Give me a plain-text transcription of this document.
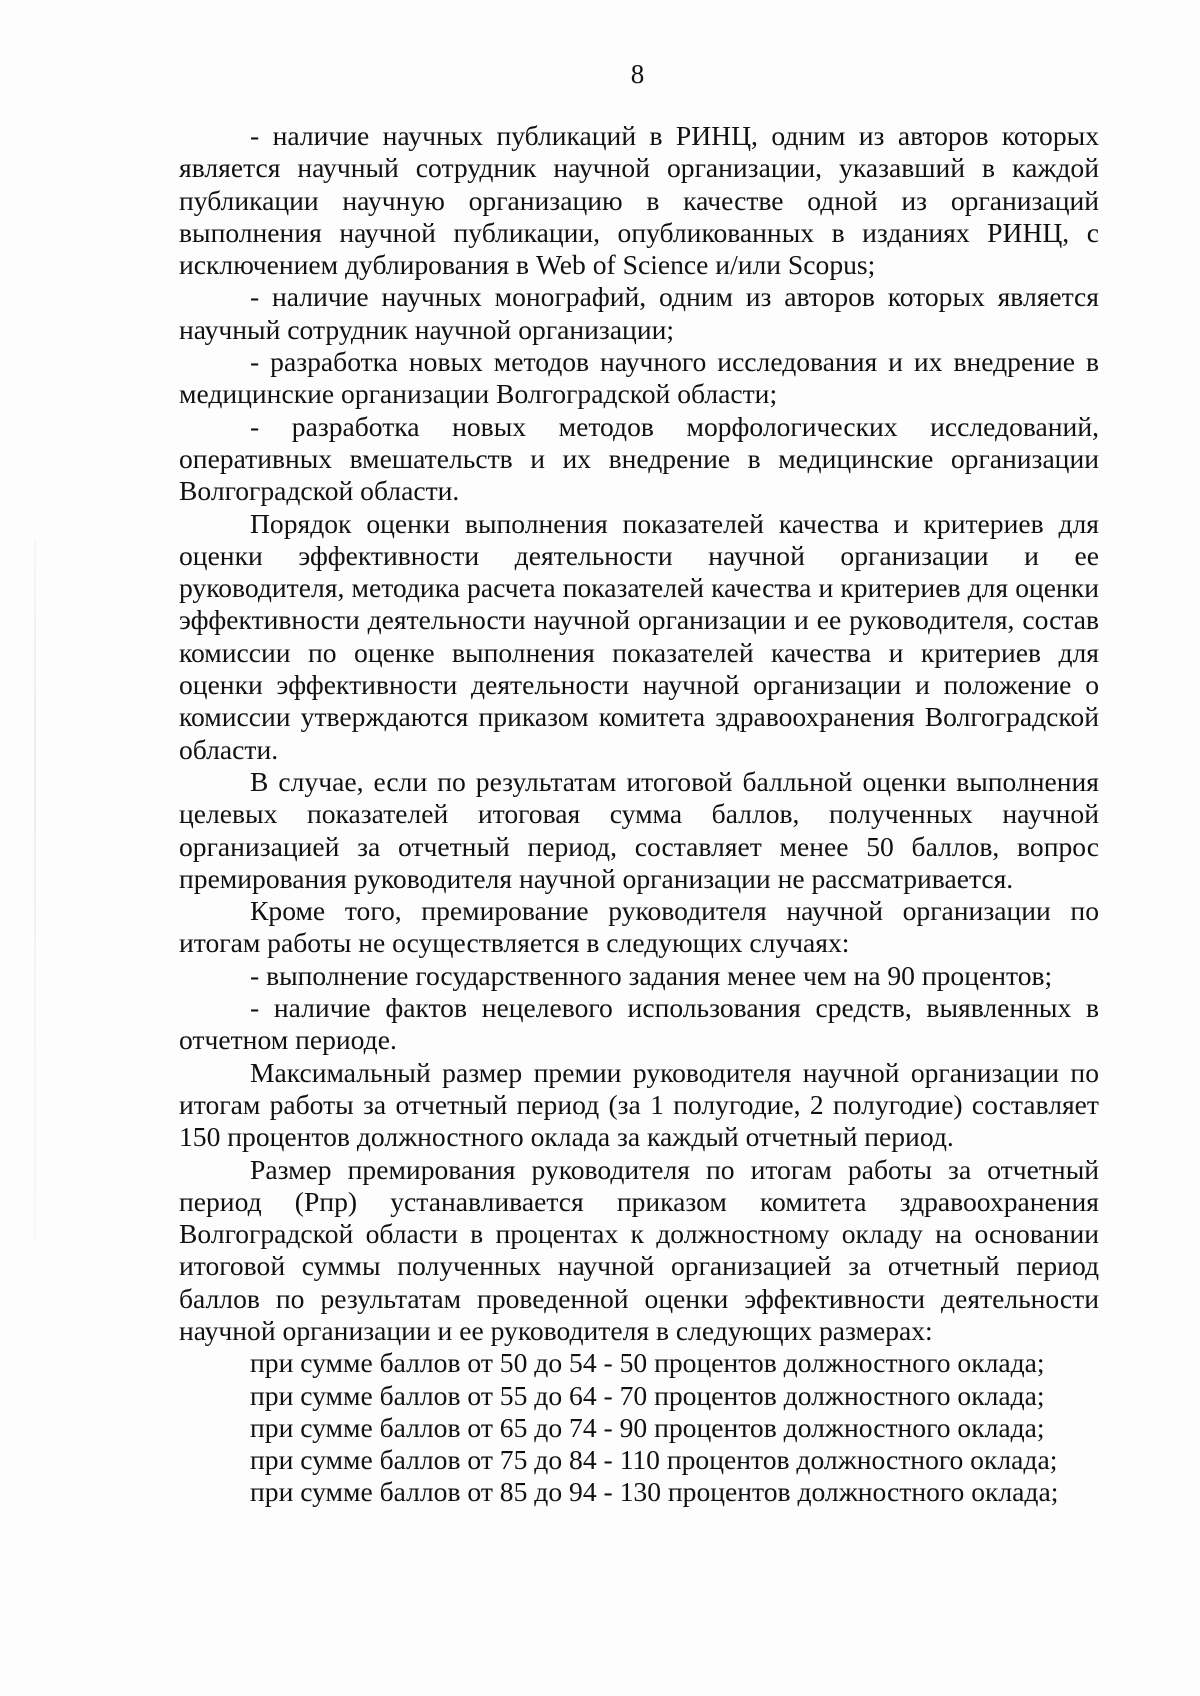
8

- наличие научных публикаций в РИНЦ, одним из авторов которых является научный сотрудник научной организации, указавший в каждой публикации научную организацию в качестве одной из организаций выполнения научной публикации, опубликованных в изданиях РИНЦ, с исключением дублирования в Web of Science и/или Scopus;

- наличие научных монографий, одним из авторов которых является научный сотрудник научной организации;

- разработка новых методов научного исследования и их внедрение в медицинские организации Волгоградской области;

- разработка новых методов морфологических исследований, оперативных вмешательств и их внедрение в медицинские организации Волгоградской области.

Порядок оценки выполнения показателей качества и критериев для оценки эффективности деятельности научной организации и ее руководителя, методика расчета показателей качества и критериев для оценки эффективности деятельности научной организации и ее руководителя, состав комиссии по оценке выполнения показателей качества и критериев для оценки эффективности деятельности научной организации и положение о комиссии утверждаются приказом комитета здравоохранения Волгоградской области.

В случае, если по результатам итоговой балльной оценки выполнения целевых показателей итоговая сумма баллов, полученных научной организацией за отчетный период, составляет менее 50 баллов, вопрос премирования руководителя научной организации не рассматривается.

Кроме того, премирование руководителя научной организации по итогам работы не осуществляется в следующих случаях:

- выполнение государственного задания менее чем на 90 процентов;

- наличие фактов нецелевого использования средств, выявленных в отчетном периоде.

Максимальный размер премии руководителя научной организации по итогам работы за отчетный период (за 1 полугодие, 2 полугодие) составляет 150 процентов должностного оклада за каждый отчетный период.

Размер премирования руководителя по итогам работы за отчетный период (Рпр) устанавливается приказом комитета здравоохранения Волгоградской области в процентах к должностному окладу на основании итоговой суммы полученных научной организацией за отчетный период баллов по результатам проведенной оценки эффективности деятельности научной организации и ее руководителя в следующих размерах:

при сумме баллов от 50 до 54 - 50 процентов должностного оклада;

при сумме баллов от 55 до 64 - 70 процентов должностного оклада;

при сумме баллов от 65 до 74 - 90 процентов должностного оклада;

при сумме баллов от 75 до 84 - 110 процентов должностного оклада;

при сумме баллов от 85 до 94 - 130 процентов должностного оклада;
